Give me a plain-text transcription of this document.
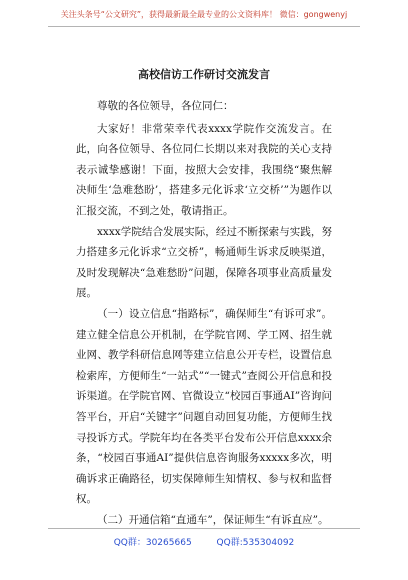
关注头条号“公文研究”，获得最新最全最专业的公文资料库！ 微信：gongwenyj
高校信访工作研讨交流发言

尊敬的各位领导，各位同仁：

大家好！非常荣幸代表xxxx学院作交流发言。在此，向各位领导、各位同仁长期以来对我院的关心支持表示诚挚感谢！下面，按照大会安排，我围绕“聚焦解决师生‘急难愁盼’，搭建多元化诉求‘立交桥’”为题作以汇报交流，不到之处，敬请指正。

xxxx学院结合发展实际，经过不断探索与实践，努力搭建多元化诉求“立交桥”，畅通师生诉求反映渠道，及时发现解决“急难愁盼”问题，保障各项事业高质量发展。

（一）设立信息“指路标”，确保师生“有诉可求”。建立健全信息公开机制，在学院官网、学工网、招生就业网、教学科研信息网等建立信息公开专栏，设置信息检索库，方便师生“一站式”“一键式”查阅公开信息和投诉渠道。在学院官网、官微设立“校园百事通AI”咨询问答平台，开启“关键字”问题自动回复功能，方便师生找寻投诉方式。学院年均在各类平台发布公开信息xxxx余条，“校园百事通AI”提供信息咨询服务xxxxx多次，明确诉求正确路径，切实保障师生知情权、参与权和监督权。

（二）开通信箱“直通车”，保证师生“有诉直应”。

QQ群：30265665	QQ群:535304092
